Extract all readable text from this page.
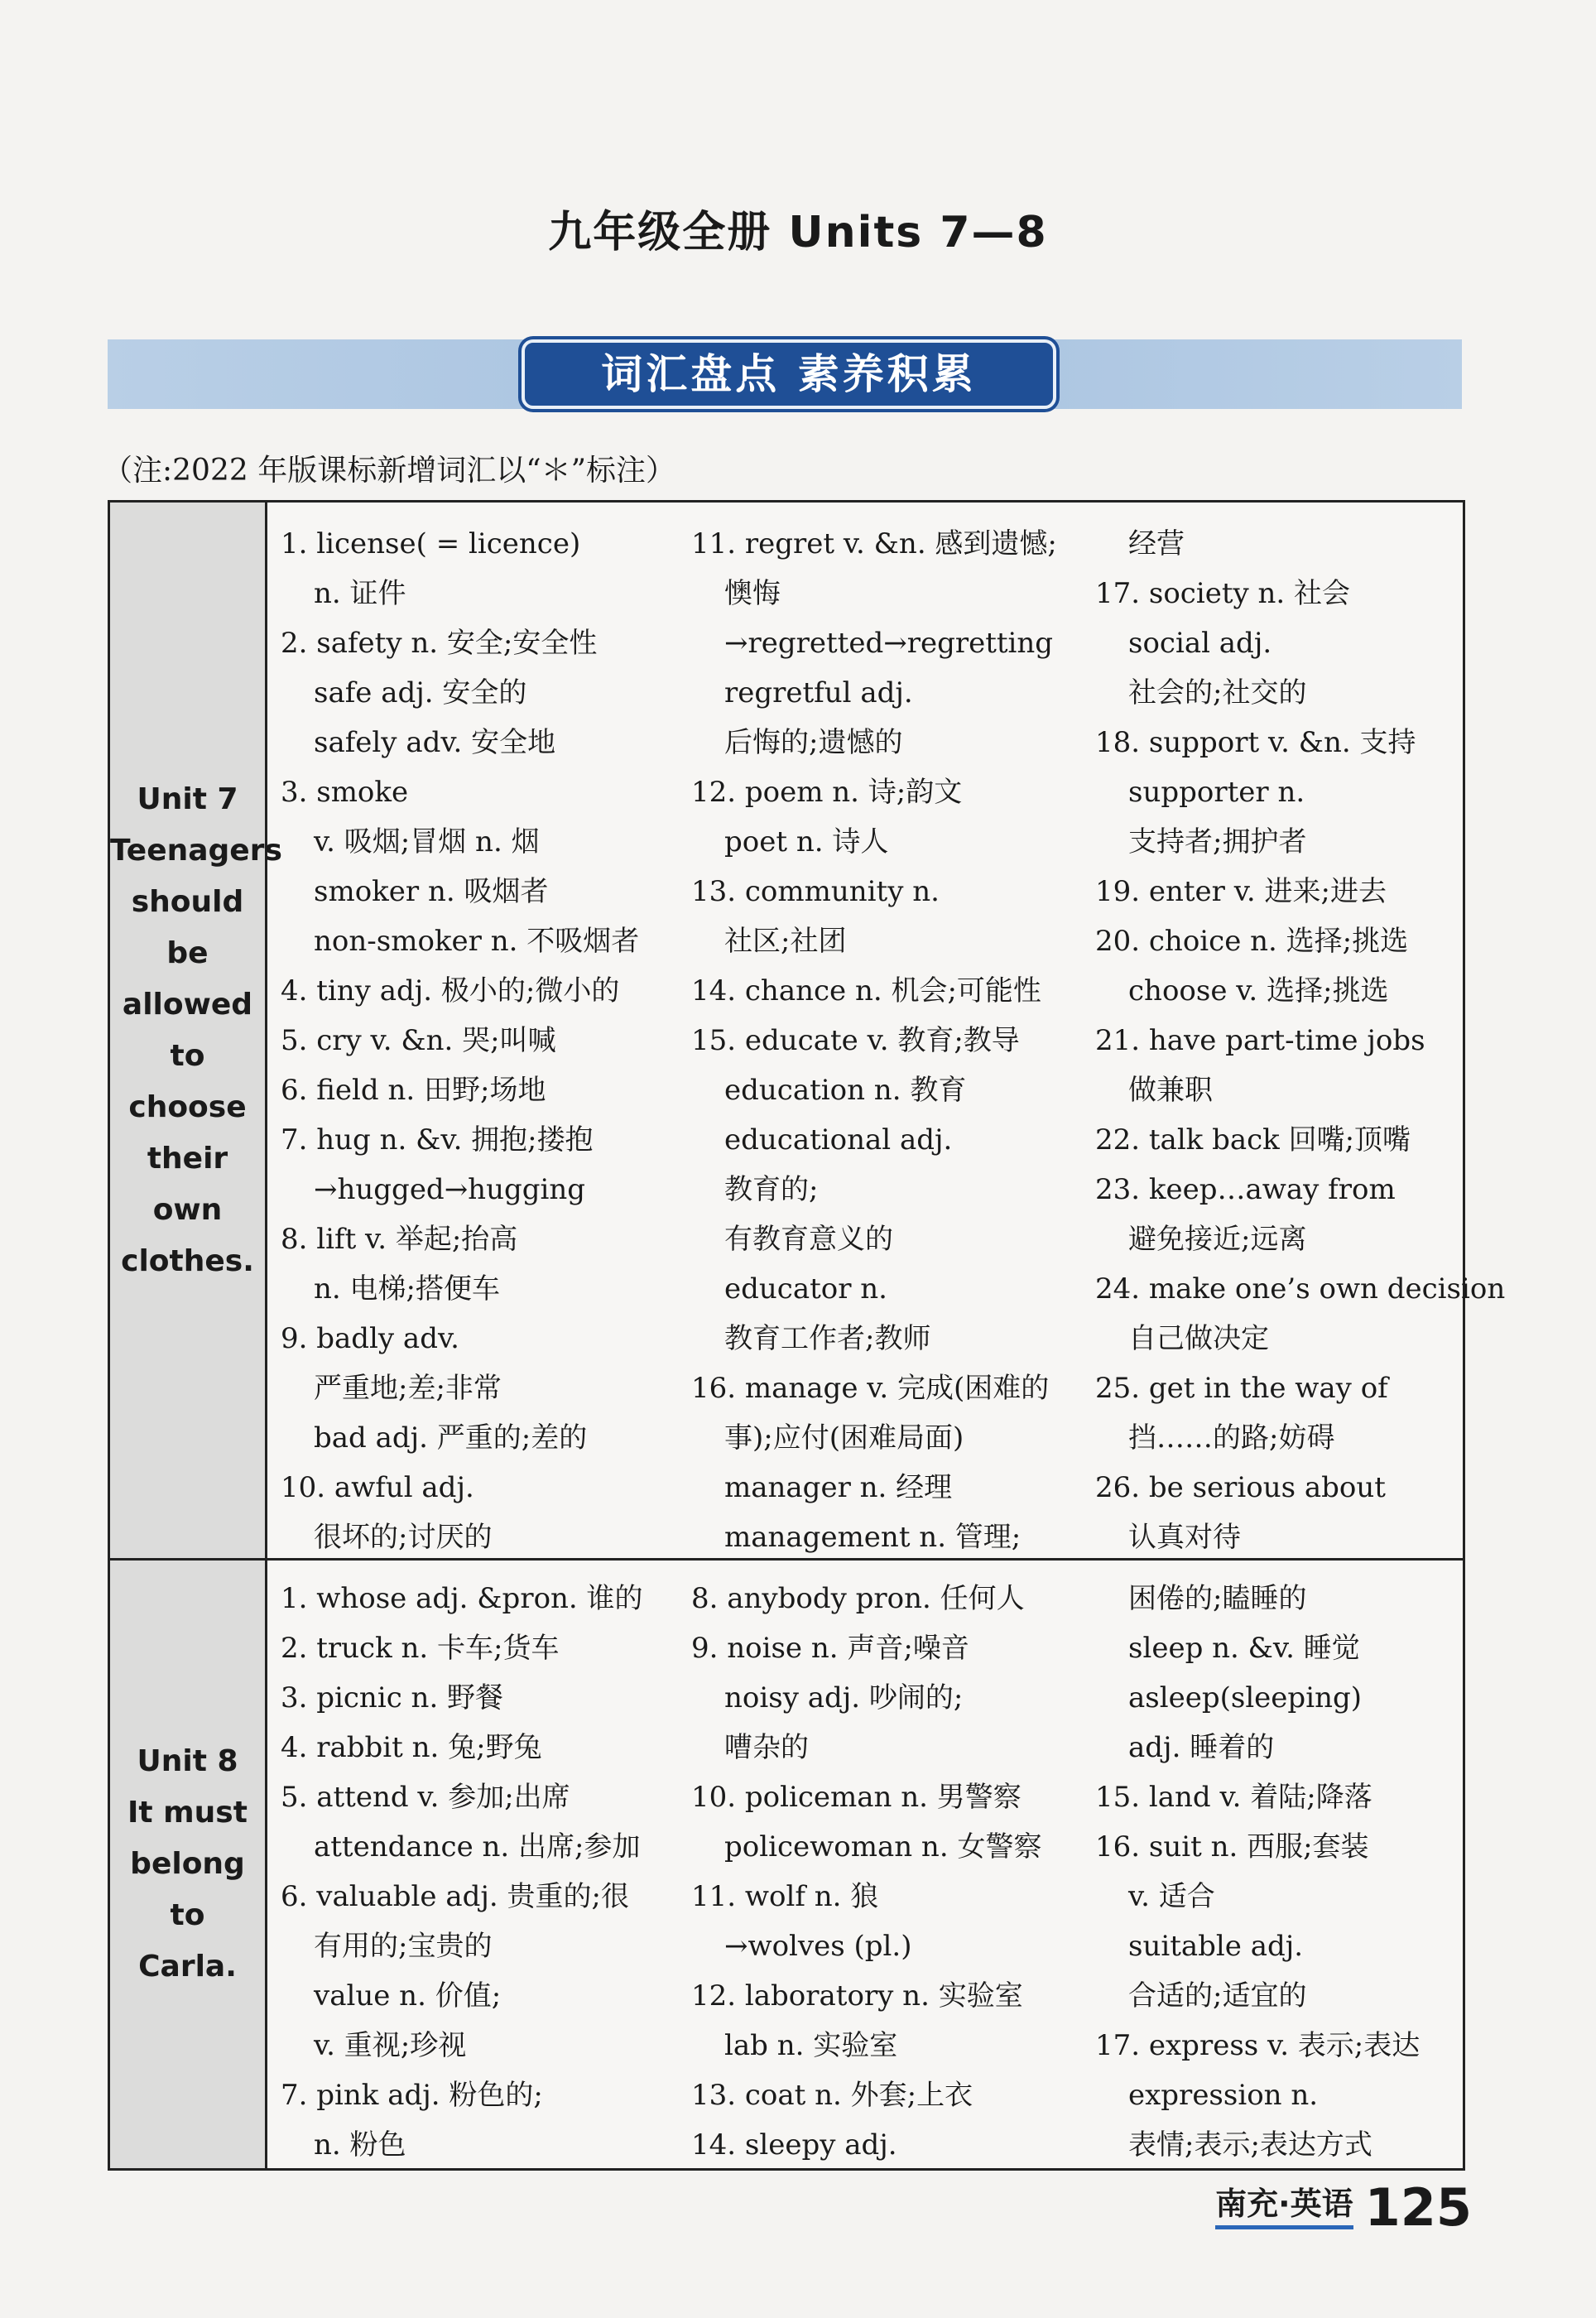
九年级全册 Units 7—8
词汇盘点 素养积累
（注:2022 年版课标新增词汇以“＊”标注）
Unit 7
Teenagers
should be
allowed to
choose
their
own
clothes.
Unit 8
It must
belong to
Carla.
1. license( = licence)
n. 证件
2. safety n. 安全;安全性
safe adj. 安全的
safely adv. 安全地
3. smoke
v. 吸烟;冒烟 n. 烟
smoker n. 吸烟者
non-smoker n. 不吸烟者
4. tiny adj. 极小的;微小的
5. cry v. &n. 哭;叫喊
6. field n. 田野;场地
7. hug n. &v. 拥抱;搂抱
→hugged→hugging
8. lift v. 举起;抬高
n. 电梯;搭便车
9. badly adv.
严重地;差;非常
bad adj. 严重的;差的
10. awful adj.
很坏的;讨厌的
11. regret v. &n. 感到遗憾;
懊悔
→regretted→regretting
regretful adj.
后悔的;遗憾的
12. poem n. 诗;韵文
poet n. 诗人
13. community n.
社区;社团
14. chance n. 机会;可能性
15. educate v. 教育;教导
education n. 教育
educational adj.
教育的;
有教育意义的
educator n.
教育工作者;教师
16. manage v. 完成(困难的
事);应付(困难局面)
manager n. 经理
management n. 管理;
经营
17. society n. 社会
social adj.
社会的;社交的
18. support v. &n. 支持
supporter n.
支持者;拥护者
19. enter v. 进来;进去
20. choice n. 选择;挑选
choose v. 选择;挑选
21. have part-time jobs
做兼职
22. talk back 回嘴;顶嘴
23. keep…away from
避免接近;远离
24. make one’s own decision
自己做决定
25. get in the way of
挡……的路;妨碍
26. be serious about
认真对待
1. whose adj. &pron. 谁的
2. truck n. 卡车;货车
3. picnic n. 野餐
4. rabbit n. 兔;野兔
5. attend v. 参加;出席
attendance n. 出席;参加
6. valuable adj. 贵重的;很
有用的;宝贵的
value n. 价值;
v. 重视;珍视
7. pink adj. 粉色的;
n. 粉色
8. anybody pron. 任何人
9. noise n. 声音;噪音
noisy adj. 吵闹的;
嘈杂的
10. policeman n. 男警察
policewoman n. 女警察
11. wolf n. 狼
→wolves (pl.)
12. laboratory n. 实验室
lab n. 实验室
13. coat n. 外套;上衣
14. sleepy adj.
困倦的;瞌睡的
sleep n. &v. 睡觉
asleep(sleeping)
adj. 睡着的
15. land v. 着陆;降落
16. suit n. 西服;套装
v. 适合
suitable adj.
合适的;适宜的
17. express v. 表示;表达
expression n.
表情;表示;表达方式
南充·英语 125
